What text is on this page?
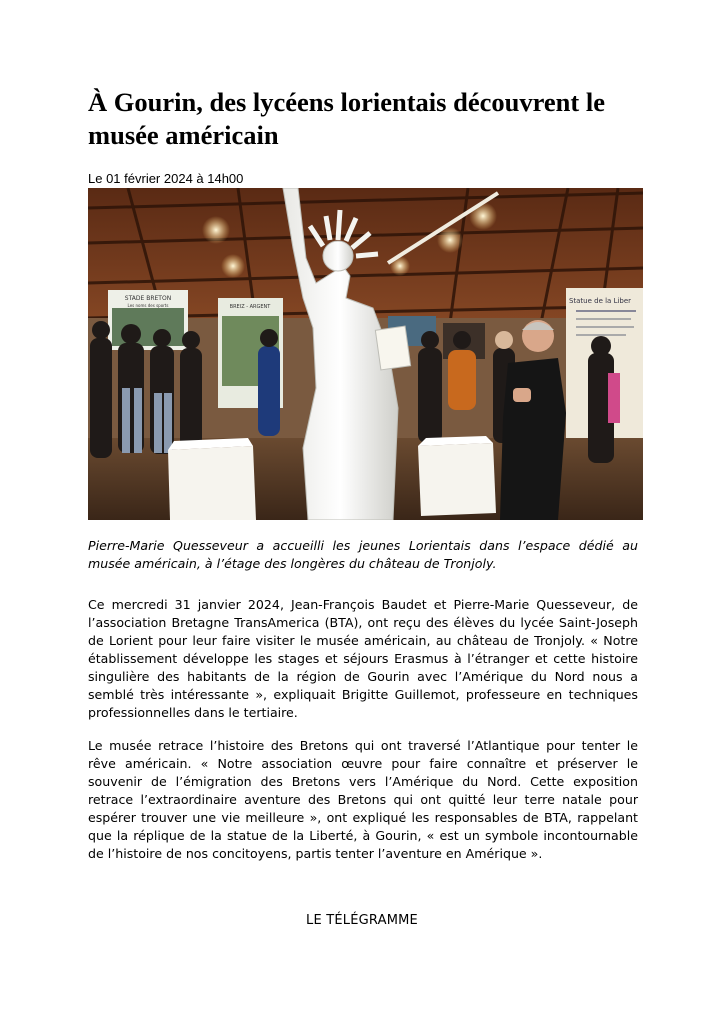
À Gourin, des lycéens lorientais découvrent le musée américain
Le 01 février 2024 à 14h00
STADE BRETON
Les noms des sports	BREIZ - ARGENT
Statue de la Liber

Pierre-Marie Quesseveur a accueilli les jeunes Lorientais dans l’espace dédié au musée américain, à l’étage des longères du château de Tronjoly.

Ce mercredi 31 janvier 2024, Jean-François Baudet et Pierre-Marie Quesseveur, de l’association Bretagne TransAmerica (BTA), ont reçu des élèves du lycée Saint-Joseph de Lorient pour leur faire visiter le musée américain, au château de Tronjoly. « Notre établissement développe les stages et séjours Erasmus à l’étranger et cette histoire singulière des habitants de la région de Gourin avec l’Amérique du Nord nous a semblé très intéressante », expliquait Brigitte Guillemot, professeure en techniques professionnelles dans le tertiaire.

Le musée retrace l’histoire des Bretons qui ont traversé l’Atlantique pour tenter le rêve américain. « Notre association œuvre pour faire connaître et préserver le souvenir de l’émigration des Bretons vers l’Amérique du Nord. Cette exposition retrace l’extraordinaire aventure des Bretons qui ont quitté leur terre natale pour espérer trouver une vie meilleure », ont expliqué les responsables de BTA, rappelant que la réplique de la statue de la Liberté, à Gourin, « est un symbole incontournable de l’histoire de nos concitoyens, partis tenter l’aventure en Amérique ».

LE TÉLÉGRAMME
